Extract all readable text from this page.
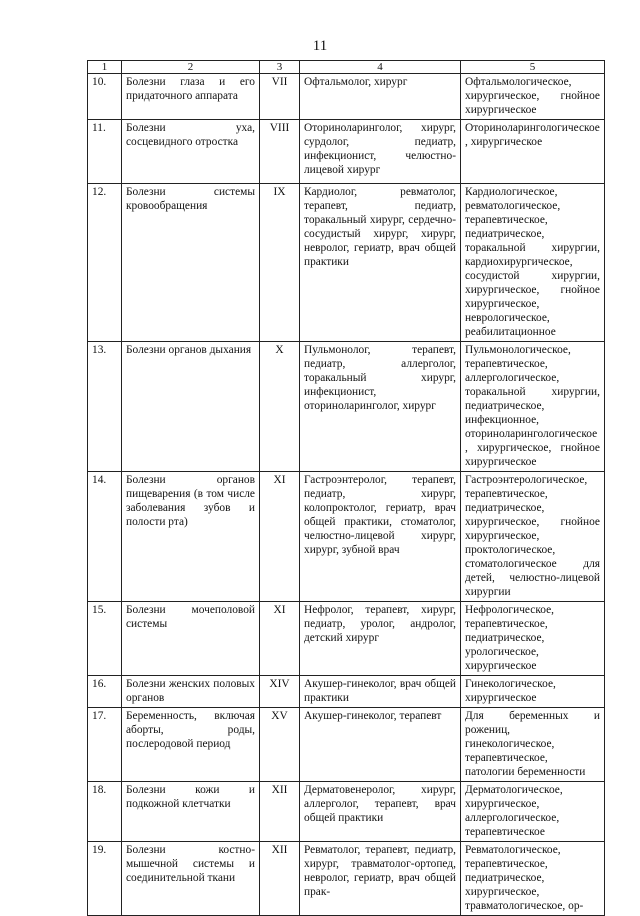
11
1	2	3	4	5
10.	Болезни глаза и его придаточного аппарата	VII	Офтальмолог, хирург	Офтальмологическое, хирургическое, гнойное хирургическое
11.	Болезни уха, сосцевидного отростка	VIII	Оториноларинголог, хирург, сурдолог, педиатр, инфекционист, челюстно-лицевой хирург	Оториноларингологическое, хирургическое
12.	Болезни системы кровообращения	IX	Кардиолог, ревматолог, терапевт, педиатр, торакальный хирург, сердечно-сосудистый хирург, хирург, невролог, гериатр, врач общей практики	Кардиологическое, ревматологическое, терапевтическое, педиатрическое, торакальной хирургии, кардиохирургическое, сосудистой хирургии, хирургическое, гнойное хирургическое, неврологическое, реабилитационное
13.	Болезни органов дыхания	X	Пульмонолог, терапевт, педиатр, аллерголог, торакальный хирург, инфекционист, оториноларинголог, хирург	Пульмонологическое, терапевтическое, аллергологическое, торакальной хирургии, педиатрическое, инфекционное, оториноларингологическое, хирургическое, гнойное хирургическое
14.	Болезни органов пищеварения (в том числе заболевания зубов и полости рта)	XI	Гастроэнтеролог, терапевт, педиатр, хирург, колопроктолог, гериатр, врач общей практики, стоматолог, челюстно-лицевой хирург, хирург, зубной врач	Гастроэнтерологическое, терапевтическое, педиатрическое, хирургическое, гнойное хирургическое, проктологическое, стоматологическое для детей, челюстно-лицевой хирургии
15.	Болезни мочеполовой системы	XI	Нефролог, терапевт, хирург, педиатр, уролог, андролог, детский хирург	Нефрологическое, терапевтическое, педиатрическое, урологическое, хирургическое
16.	Болезни женских половых органов	XIV	Акушер-гинеколог, врач общей практики	Гинекологическое, хирургическое
17.	Беременность, включая аборты, роды, послеродовой период	XV	Акушер-гинеколог, терапевт	Для беременных и рожениц, гинекологическое, терапевтическое, патологии беременности
18.	Болезни кожи и подкожной клетчатки	XII	Дерматовенеролог, хирург, аллерголог, терапевт, врач общей практики	Дерматологическое, хирургическое, аллергологическое, терапевтическое
19.	Болезни костно-мышечной системы и соединительной ткани	XII	Ревматолог, терапевт, педиатр, хирург, травматолог-ортопед, невролог, гериатр, врач общей прак-	Ревматологическое, терапевтическое, педиатрическое, хирургическое, травматологическое, ор-
